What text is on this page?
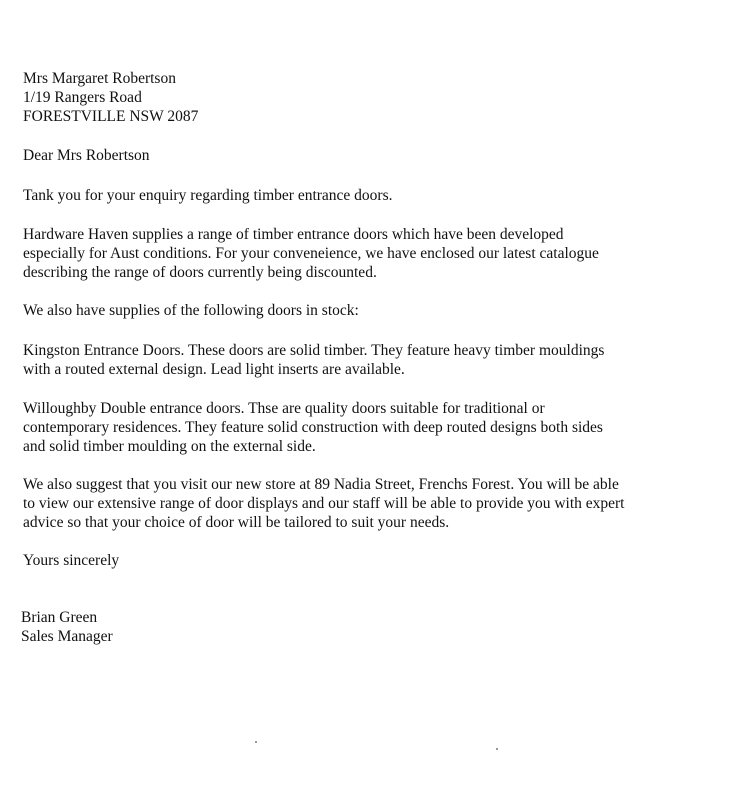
Mrs Margaret Robertson
1/19 Rangers Road
FORESTVILLE NSW 2087
Dear Mrs Robertson
Tank you for your enquiry regarding timber entrance doors.
Hardware Haven supplies a range of timber entrance doors which have been developed
especially for Aust conditions. For your conveneience, we have enclosed our latest catalogue
describing the range of doors currently being discounted.
We also have supplies of the following doors in stock:
Kingston Entrance Doors. These doors are solid timber. They feature heavy timber mouldings
with a routed external design. Lead light inserts are available.
Willoughby Double entrance doors. Thse are quality doors suitable for traditional or
contemporary residences. They feature solid construction with deep routed designs both sides
and solid timber moulding on the external side.
We also suggest that you visit our new store at 89 Nadia Street, Frenchs Forest. You will be able
to view our extensive range of door displays and our staff will be able to provide you with expert
advice so that your choice of door will be tailored to suit your needs.
Yours sincerely
Brian Green
Sales Manager
